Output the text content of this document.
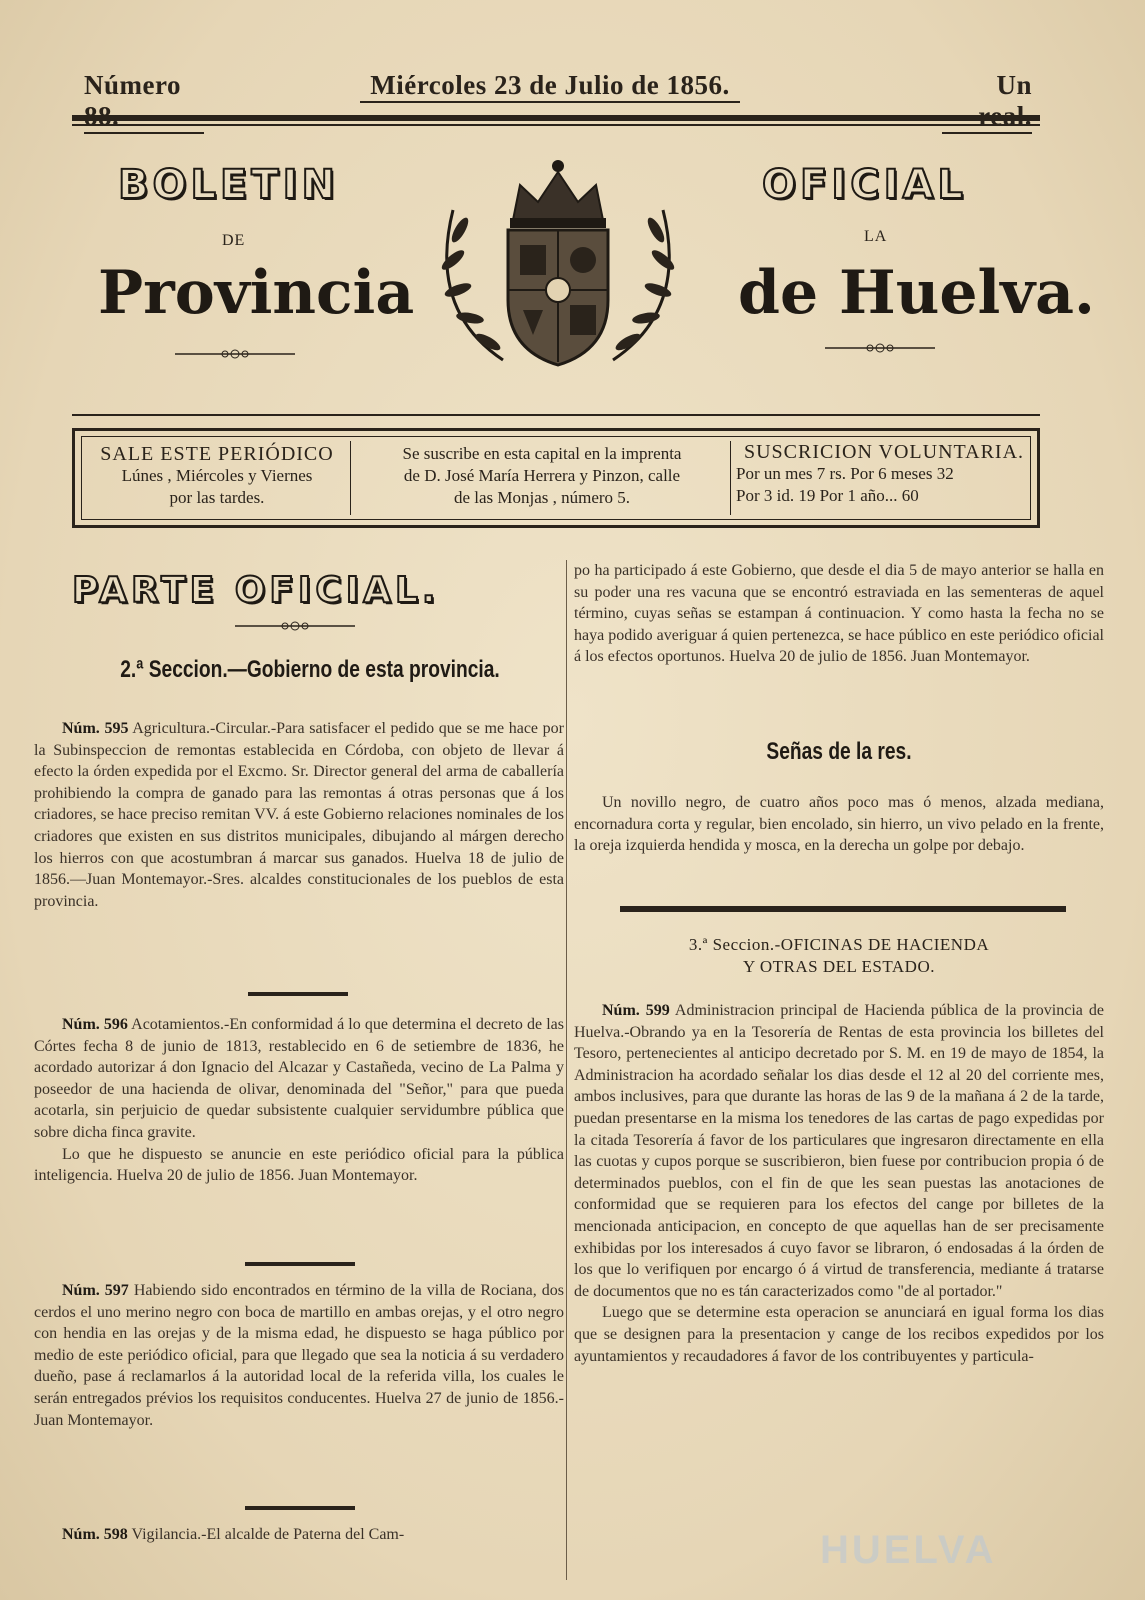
Número	Miércoles 23 de Julio de 1856.	Un
BOLETIN
DE
Provincia
OFICIAL
LA
de Huelva.
SALE ESTE PERIÓDICO
Lúnes , Miércoles y Viernes
por las tardes.
Se suscribe en esta capital en la imprenta
de D. José María Herrera y Pinzon, calle
de las Monjas , número 5.
SUSCRICION VOLUNTARIA.
Por un mes 7 rs. Por 6 meses 32
Por 3 id. 19 Por 1 año... 60
PARTE OFICIAL.
2.ª Seccion.—Gobierno de esta provincia.

Núm. 595 Agricultura.-Circular.-Para satisfacer el pedido que se me hace por la Subinspeccion de remontas establecida en Córdoba, con objeto de llevar á efecto la órden expedida por el Excmo. Sr. Director general del arma de caballería prohibiendo la compra de ganado para las remontas á otras personas que á los criadores, se hace preciso remitan VV. á este Gobierno relaciones nominales de los criadores que existen en sus distritos municipales, dibujando al márgen derecho los hierros con que acostumbran á marcar sus ganados. Huelva 18 de julio de 1856.—Juan Montemayor.-Sres. alcaldes constitucionales de los pueblos de esta provincia.

Núm. 596 Acotamientos.-En conformidad á lo que determina el decreto de las Córtes fecha 8 de junio de 1813, restablecido en 6 de setiembre de 1836, he acordado autorizar á don Ignacio del Alcazar y Castañeda, vecino de La Palma y poseedor de una hacienda de olivar, denominada del "Señor," para que pueda acotarla, sin perjuicio de quedar subsistente cualquier servidumbre pública que sobre dicha finca gravite.

Lo que he dispuesto se anuncie en este periódico oficial para la pública inteligencia. Huelva 20 de julio de 1856. Juan Montemayor.

Núm. 597 Habiendo sido encontrados en término de la villa de Rociana, dos cerdos el uno merino negro con boca de martillo en ambas orejas, y el otro negro con hendia en las orejas y de la misma edad, he dispuesto se haga público por medio de este periódico oficial, para que llegado que sea la noticia á su verdadero dueño, pase á reclamarlos á la autoridad local de la referida villa, los cuales le serán entregados prévios los requisitos conducentes. Huelva 27 de junio de 1856.-Juan Montemayor.

Núm. 598 Vigilancia.-El alcalde de Paterna del Cam-

po ha participado á este Gobierno, que desde el dia 5 de mayo anterior se halla en su poder una res vacuna que se encontró estraviada en las sementeras de aquel término, cuyas señas se estampan á continuacion. Y como hasta la fecha no se haya podido averiguar á quien pertenezca, se hace público en este periódico oficial á los efectos oportunos. Huelva 20 de julio de 1856. Juan Montemayor.

Señas de la res.

Un novillo negro, de cuatro años poco mas ó menos, alzada mediana, encornadura corta y regular, bien encolado, sin hierro, un vivo pelado en la frente, la oreja izquierda hendida y mosca, en la derecha un golpe por debajo.

3.ª Seccion.-OFICINAS DE HACIENDA
Y OTRAS DEL ESTADO.

Núm. 599 Administracion principal de Hacienda pública de la provincia de Huelva.-Obrando ya en la Tesorería de Rentas de esta provincia los billetes del Tesoro, pertenecientes al anticipo decretado por S. M. en 19 de mayo de 1854, la Administracion ha acordado señalar los dias desde el 12 al 20 del corriente mes, ambos inclusives, para que durante las horas de las 9 de la mañana á 2 de la tarde, puedan presentarse en la misma los tenedores de las cartas de pago expedidas por la citada Tesorería á favor de los particulares que ingresaron directamente en ella las cuotas y cupos porque se suscribieron, bien fuese por contribucion propia ó de determinados pueblos, con el fin de que les sean puestas las anotaciones de conformidad que se requieren para los efectos del cange por billetes de la mencionada anticipacion, en concepto de que aquellas han de ser precisamente exhibidas por los interesados á cuyo favor se libraron, ó endosadas á la órden de los que lo verifiquen por encargo ó á virtud de transferencia, mediante á tratarse de documentos que no es tán caracterizados como "de al portador."

Luego que se determine esta operacion se anunciará en igual forma los dias que se designen para la presentacion y cange de los recibos expedidos por los ayuntamientos y recaudadores á favor de los contribuyentes y particula-

HUELVA
